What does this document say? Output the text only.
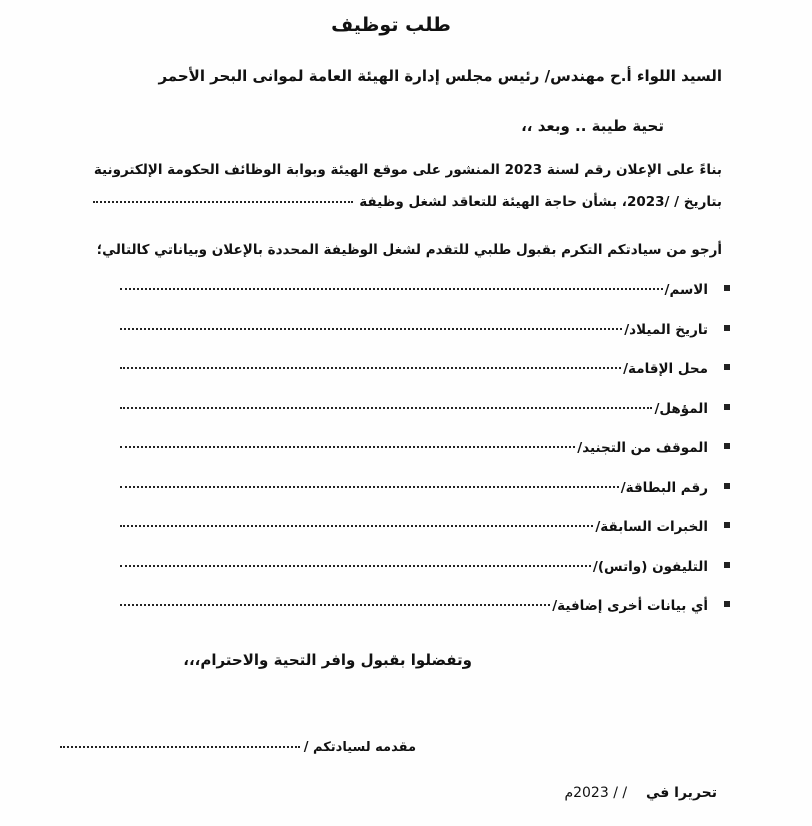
طلب توظيف
السيد اللواء أ.ح مهندس/ رئيس مجلس إدارة الهيئة العامة لموانى البحر الأحمر
تحية طيبة .. وبعد ،،
بناءً على الإعلان رقم لسنة 2023 المنشور على موقع الهيئة وبوابة الوظائف الحكومة الإلكترونية
بتاريخ / /2023، بشأن حاجة الهيئة للتعاقد لشغل وظيفة
أرجو من سيادتكم التكرم بقبول طلبي للتقدم لشغل الوظيفة المحددة بالإعلان وبياناتي كالتالي؛
الاسم/
تاريخ الميلاد/
محل الإقامة/
المؤهل/
الموقف من التجنيد/
رقم البطاقة/
الخبرات السابقة/
التليفون (واتس)/
أي بيانات أخرى إضافية/
وتفضلوا بقبول وافر التحية والاحترام،،،
مقدمه لسيادتكم /
تحريرا في / / 2023م
